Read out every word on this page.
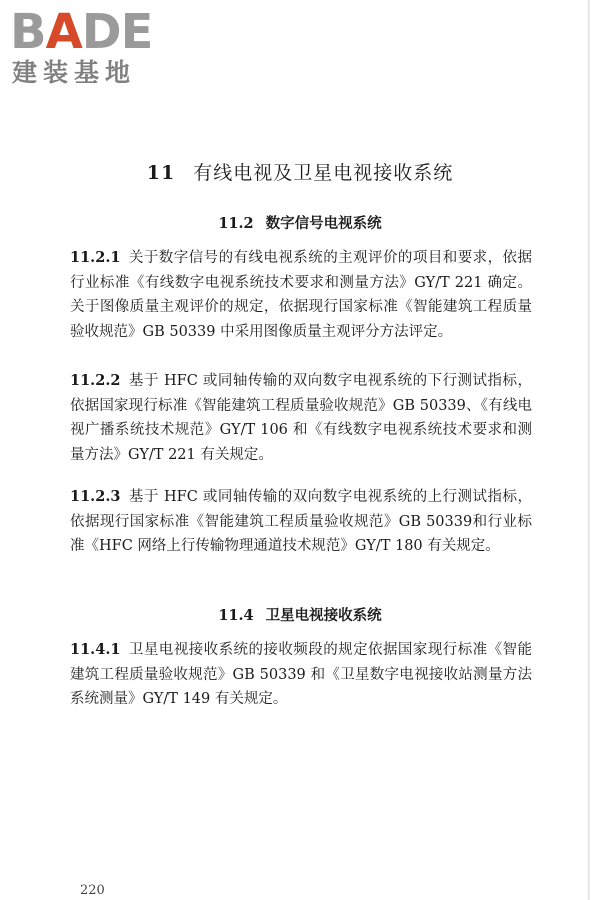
BADE
建装基地
11 有线电视及卫星电视接收系统
11.2 数字信号电视系统
11.2.1 关于数字信号的有线电视系统的主观评价的项目和要求，依据行业标准《有线数字电视系统技术要求和测量方法》GY/T 221 确定。关于图像质量主观评价的规定，依据现行国家标准《智能建筑工程质量验收规范》GB 50339 中采用图像质量主观评分方法评定。
11.2.2 基于 HFC 或同轴传输的双向数字电视系统的下行测试指标，依据国家现行标准《智能建筑工程质量验收规范》GB 50339、《有线电视广播系统技术规范》GY/T 106 和《有线数字电视系统技术要求和测量方法》GY/T 221 有关规定。
11.2.3 基于 HFC 或同轴传输的双向数字电视系统的上行测试指标，依据现行国家标准《智能建筑工程质量验收规范》GB 50339和行业标准《HFC 网络上行传输物理通道技术规范》GY/T 180 有关规定。
11.4 卫星电视接收系统
11.4.1 卫星电视接收系统的接收频段的规定依据国家现行标准《智能建筑工程质量验收规范》GB 50339 和《卫星数字电视接收站测量方法 系统测量》GY/T 149 有关规定。
220
